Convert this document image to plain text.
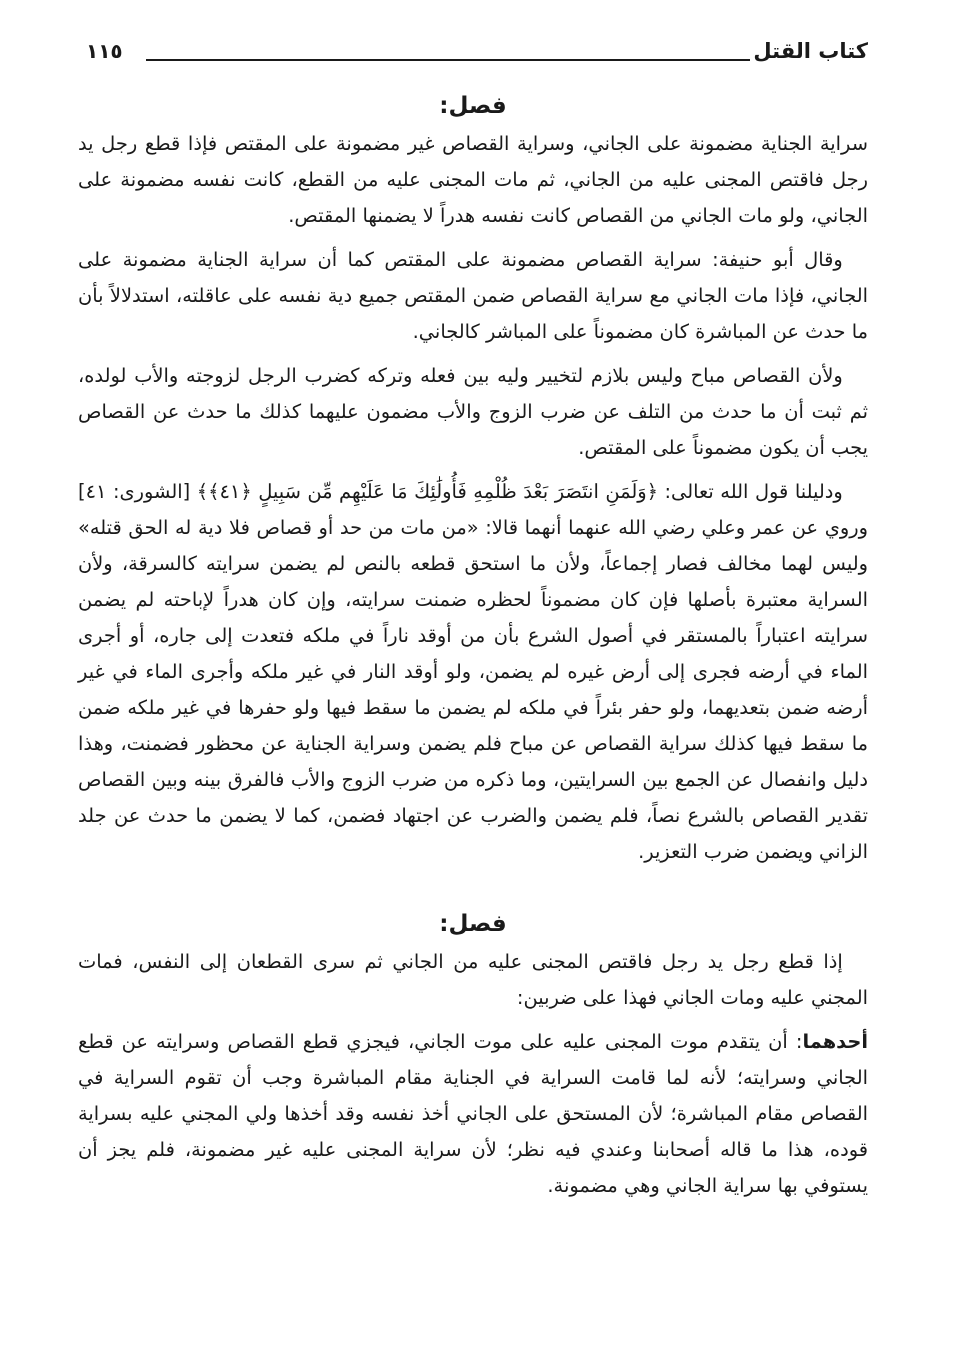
كتاب القتل
١١٥
فصل:

سراية الجناية مضمونة على الجاني، وسراية القصاص غير مضمونة على المقتص فإذا قطع رجل يد رجل فاقتص المجنى عليه من الجاني، ثم مات المجنى عليه من القطع، كانت نفسه مضمونة على الجاني، ولو مات الجاني من القصاص كانت نفسه هدراً لا يضمنها المقتص.

وقال أبو حنيفة: سراية القصاص مضمونة على المقتص كما أن سراية الجناية مضمونة على الجاني، فإذا مات الجاني مع سراية القصاص ضمن المقتص جميع دية نفسه على عاقلته، استدلالاً بأن ما حدث عن المباشرة كان مضموناً على المباشر كالجاني.

ولأن القصاص مباح وليس بلازم لتخيير وليه بين فعله وتركه كضرب الرجل لزوجته والأب لولده، ثم ثبت أن ما حدث من التلف عن ضرب الزوج والأب مضمون عليهما كذلك ما حدث عن القصاص يجب أن يكون مضموناً على المقتص.

ودليلنا قول الله تعالى: ﴿وَلَمَنِ انتَصَرَ بَعْدَ ظُلْمِهِ فَأُولَٰئِكَ مَا عَلَيْهِم مِّن سَبِيلٍ ﴿٤١﴾﴾ [الشورى: ٤١] وروي عن عمر وعلي رضي الله عنهما أنهما قالا: «من مات من حد أو قصاص فلا دية له الحق قتله» وليس لهما مخالف فصار إجماعاً، ولأن ما استحق قطعه بالنص لم يضمن سرايته كالسرقة، ولأن السراية معتبرة بأصلها فإن كان مضموناً لحظره ضمنت سرايته، وإن كان هدراً لإباحته لم يضمن سرايته اعتباراً بالمستقر في أصول الشرع بأن من أوقد ناراً في ملكه فتعدت إلى جاره، أو أجرى الماء في أرضه فجرى إلى أرض غيره لم يضمن، ولو أوقد النار في غير ملكه وأجرى الماء في غير أرضه ضمن بتعديهما، ولو حفر بئراً في ملكه لم يضمن ما سقط فيها ولو حفرها في غير ملكه ضمن ما سقط فيها كذلك سراية القصاص عن مباح فلم يضمن وسراية الجناية عن محظور فضمنت، وهذا دليل وانفصال عن الجمع بين السرايتين، وما ذكره من ضرب الزوج والأب فالفرق بينه وبين القصاص تقدير القصاص بالشرع نصاً، فلم يضمن والضرب عن اجتهاد فضمن، كما لا يضمن ما حدث عن جلد الزاني ويضمن ضرب التعزير.

فصل:

إذا قطع رجل يد رجل فاقتص المجنى عليه من الجاني ثم سرى القطعان إلى النفس، فمات المجني عليه ومات الجاني فهذا على ضربين:

أحدهما: أن يتقدم موت المجنى عليه على موت الجاني، فيجزي قطع القصاص وسرايته عن قطع الجاني وسرايته؛ لأنه لما قامت السراية في الجناية مقام المباشرة وجب أن تقوم السراية في القصاص مقام المباشرة؛ لأن المستحق على الجاني أخذ نفسه وقد أخذها ولي المجني عليه بسراية قوده، هذا ما قاله أصحابنا وعندي فيه نظر؛ لأن سراية المجنى عليه غير مضمونة، فلم يجز أن يستوفي بها سراية الجاني وهي مضمونة.
